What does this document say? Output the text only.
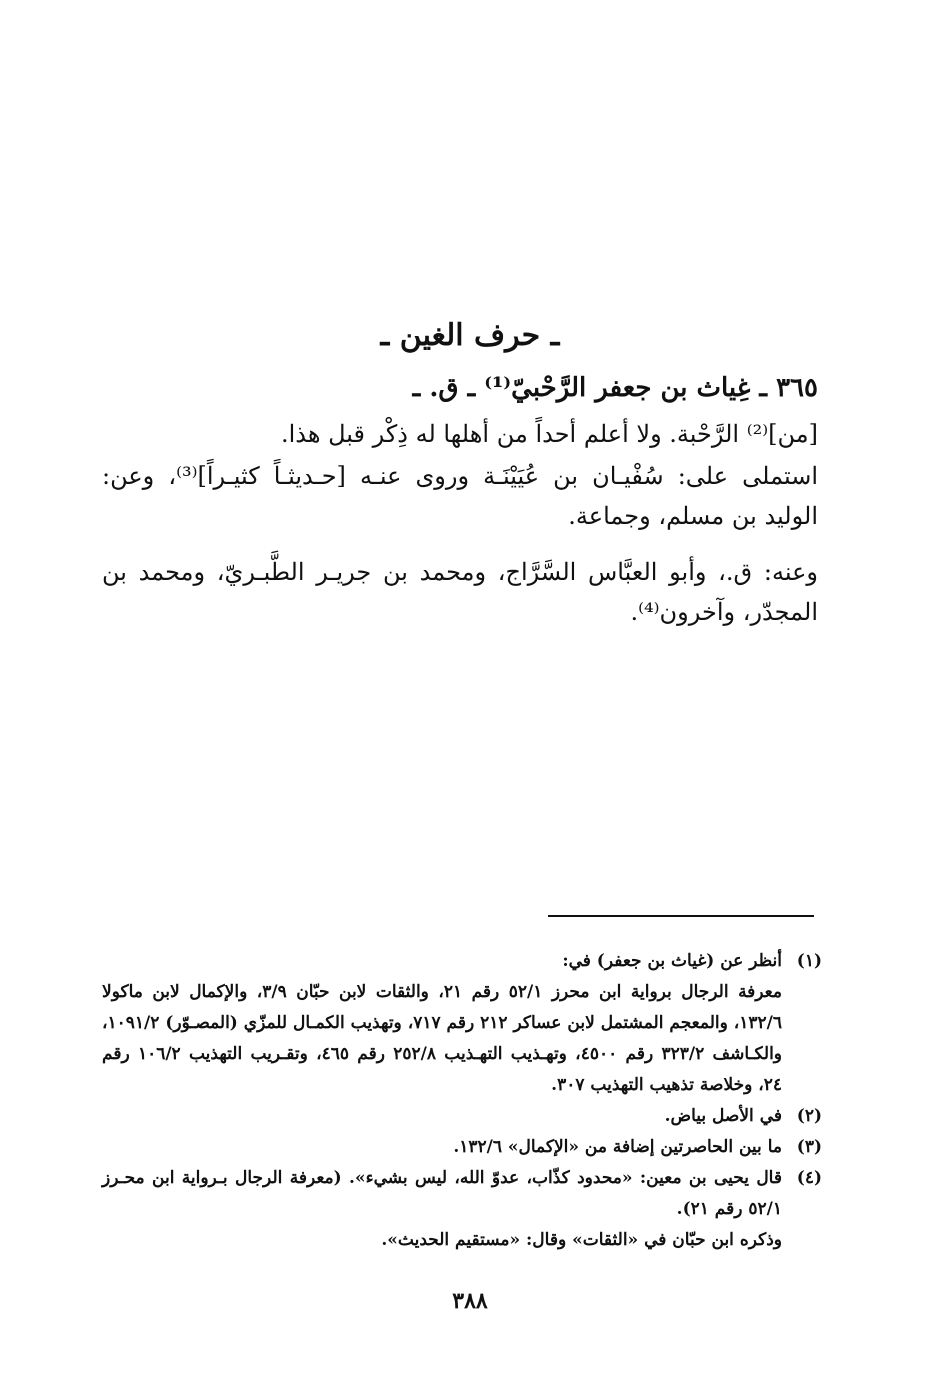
ـ حرف الغين ـ
٣٦٥ ـ غِياث بن جعفر الرَّحْبيّ⁽¹⁾ ـ ق. ـ
[من]⁽²⁾ الرَّحْبة. ولا أعلم أحداً من أهلها له ذِكْر قبل هذا.
استملى على: سُفْيـان بن عُيَيْنَـة وروى عنـه [حـديثـاً كثيـراً]⁽³⁾، وعن: الوليد بن مسلم، وجماعة.
وعنه: ق.، وأبو العبَّاس السَّرَّاج، ومحمد بن جريـر الطَّبـريّ، ومحمد بن المجدّر، وآخرون⁽⁴⁾.
(١)
أنظر عن (غياث بن جعفر) في:
معرفة الرجال برواية ابن محرز ٥٢/١ رقم ٢١، والثقات لابن حبّان ٣/٩، والإكمال لابن ماكولا ١٣٢/٦، والمعجم المشتمل لابن عساكر ٢١٢ رقم ٧١٧، وتهذيب الكمـال للمزّي (المصـوّر) ١٠٩١/٢، والكـاشف ٣٢٣/٢ رقم ٤٥٠٠، وتهـذيب التهـذيب ٢٥٢/٨ رقم ٤٦٥، وتقـريب التهذيب ١٠٦/٢ رقم ٢٤، وخلاصة تذهيب التهذيب ٣٠٧.
(٢)
في الأصل بياض.
(٣)
ما بين الحاصرتين إضافة من «الإكمال» ١٣٢/٦.
(٤)
قال يحيى بن معين: «محدود كذّاب، عدوّ الله، ليس بشيء». (معرفة الرجال بـرواية ابن محـرز ٥٢/١ رقم ٢١).
وذكره ابن حبّان في «الثقات» وقال: «مستقيم الحديث».
٣٨٨
